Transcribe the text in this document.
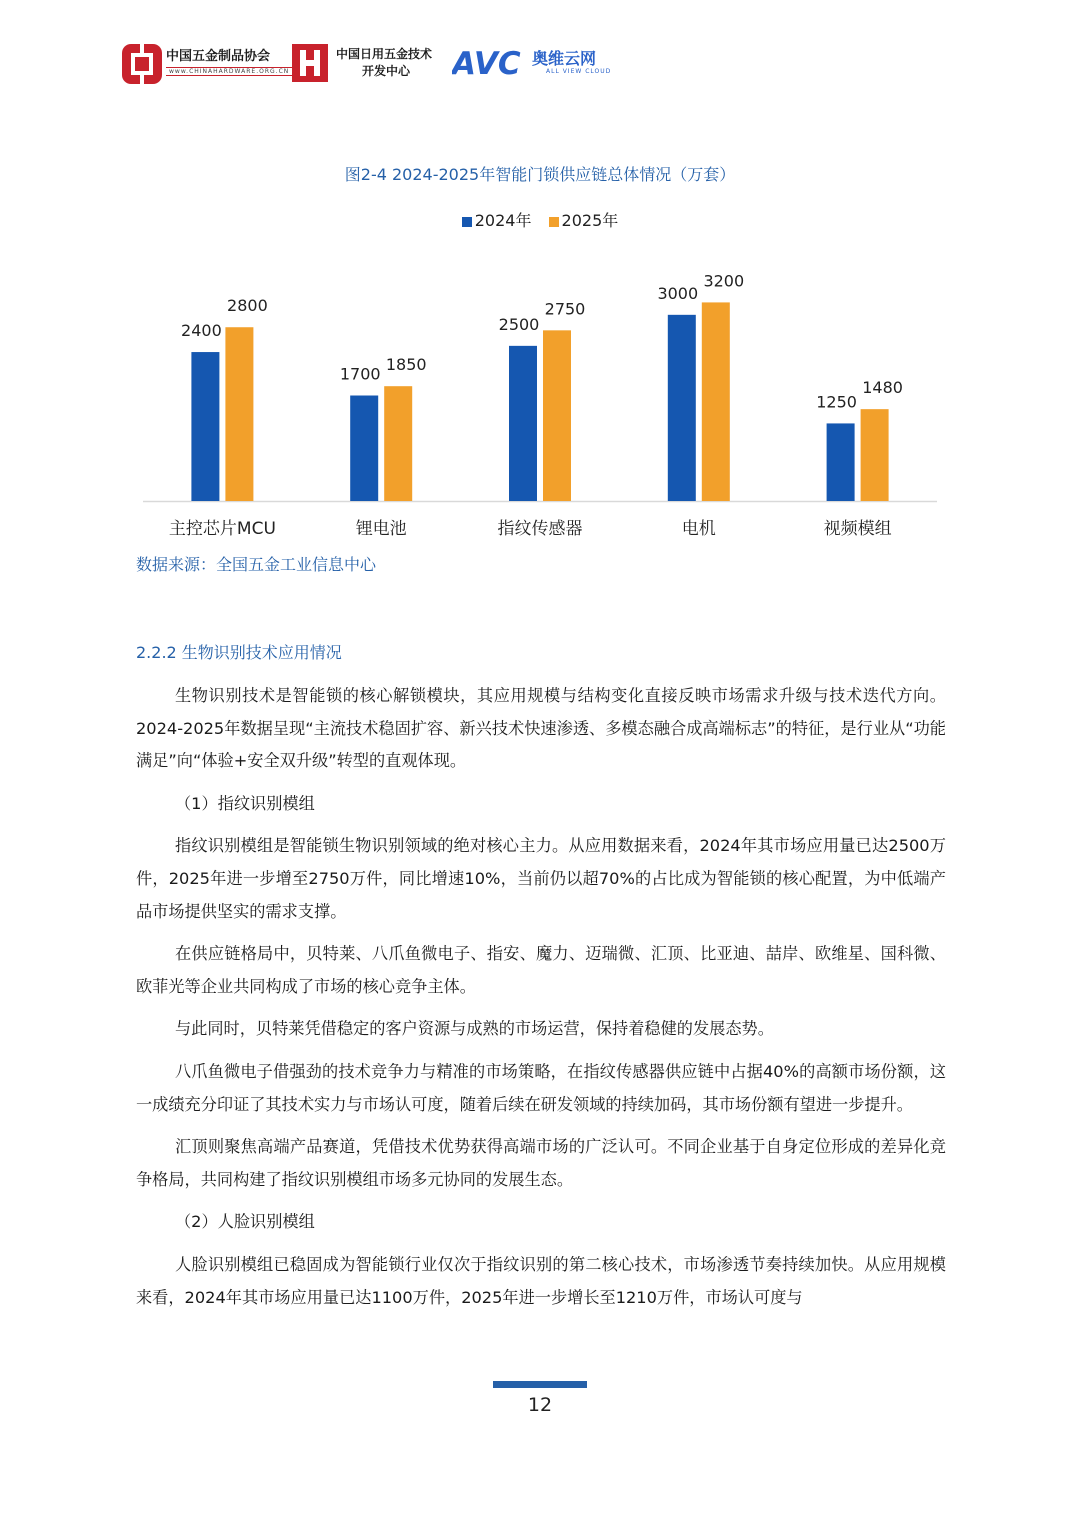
中国五金制品协会
www.CHINAHARDWARE.ORG.CN
中国日用五金技术
开发中心	AVC 奥维云网
ALL VIEW CLOUD
图2-4 2024-2025年智能门锁供应链总体情况（万套）
2024年 2025年
2400
2800
主控芯片MCU
1700 1850
锂电池
2500
2750
指纹传感器
3000
3200
电机
1250
1480
视频模组
数据来源：全国五金工业信息中心
2.2.2 生物识别技术应用情况

生物识别技术是智能锁的核心解锁模块，其应用规模与结构变化直接反映市场需求升级与技术迭代方向。2024-2025年数据呈现“主流技术稳固扩容、新兴技术快速渗透、多模态融合成高端标志”的特征，是行业从“功能满足”向“体验+安全双升级”转型的直观体现。

（1）指纹识别模组

指纹识别模组是智能锁生物识别领域的绝对核心主力。从应用数据来看，2024年其市场应用量已达2500万件，2025年进一步增至2750万件，同比增速10%，当前仍以超70%的占比成为智能锁的核心配置，为中低端产品市场提供坚实的需求支撑。

在供应链格局中，贝特莱、八爪鱼微电子、指安、魔力、迈瑞微、汇顶、比亚迪、喆岸、欧维星、国科微、欧菲光等企业共同构成了市场的核心竞争主体。

与此同时，贝特莱凭借稳定的客户资源与成熟的市场运营，保持着稳健的发展态势。

八爪鱼微电子借强劲的技术竞争力与精准的市场策略，在指纹传感器供应链中占据40%的高额市场份额，这一成绩充分印证了其技术实力与市场认可度，随着后续在研发领域的持续加码，其市场份额有望进一步提升。

汇顶则聚焦高端产品赛道，凭借技术优势获得高端市场的广泛认可。不同企业基于自身定位形成的差异化竞争格局，共同构建了指纹识别模组市场多元协同的发展生态。

（2）人脸识别模组

人脸识别模组已稳固成为智能锁行业仅次于指纹识别的第二核心技术，市场渗透节奏持续加快。从应用规模来看，2024年其市场应用量已达1100万件，2025年进一步增长至1210万件，市场认可度与

12
